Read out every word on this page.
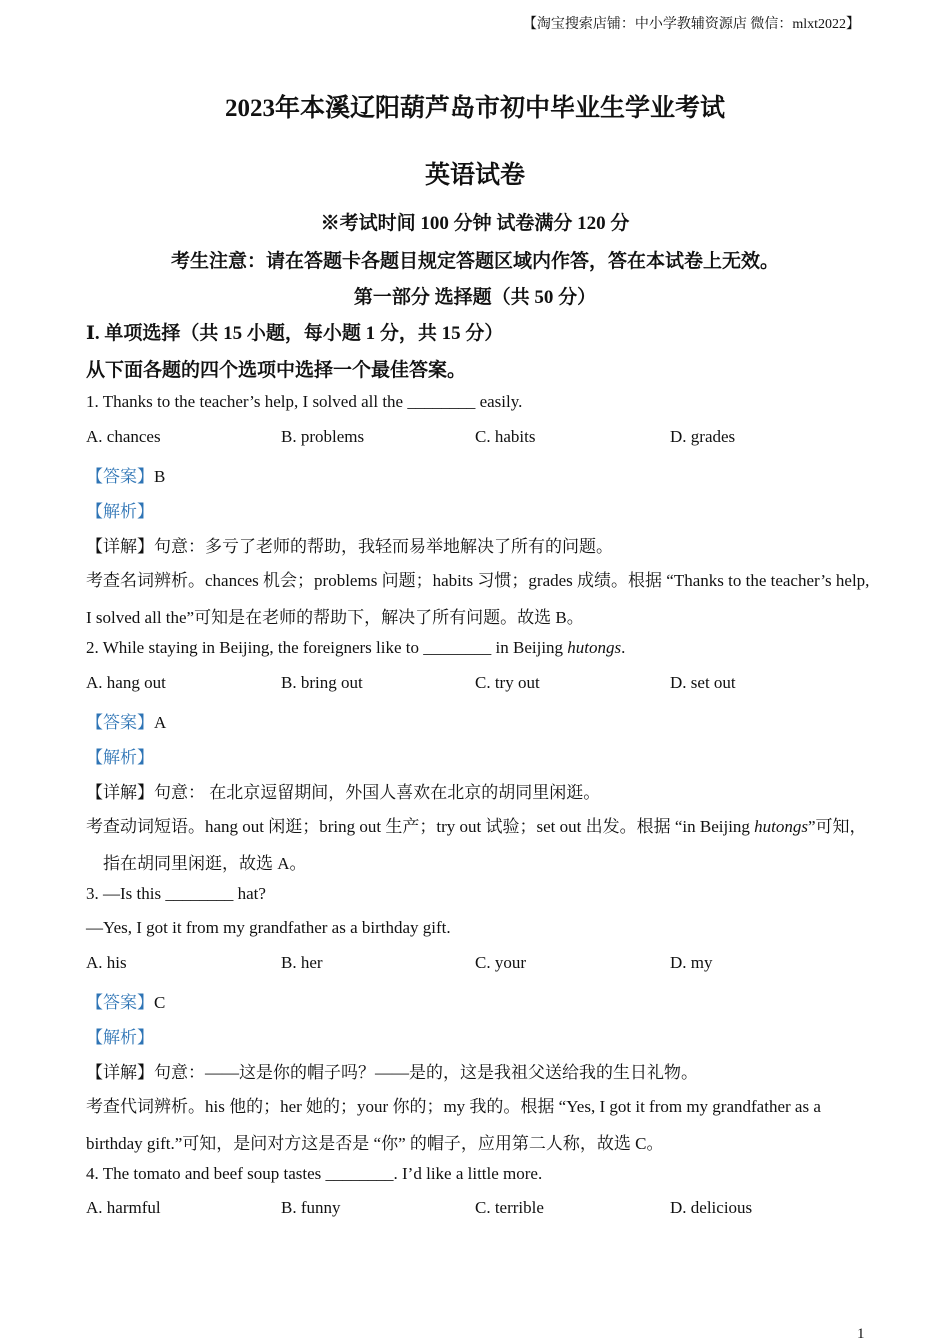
【淘宝搜索店铺：中小学教辅资源店 微信：mlxt2022】
2023年本溪辽阳葫芦岛市初中毕业生学业考试
英语试卷
※考试时间 100 分钟 试卷满分 120 分
考生注意：请在答题卡各题目规定答题区域内作答，答在本试卷上无效。
第一部分 选择题（共 50 分）
Ⅰ. 单项选择（共 15 小题，每小题 1 分，共 15 分）
从下面各题的四个选项中选择一个最佳答案。
1. Thanks to the teacher’s help, I solved all the ________ easily.
A. chances	B. problems	C. habits	D. grades
【答案】B
【解析】
【详解】句意：多亏了老师的帮助，我轻而易举地解决了所有的问题。
考查名词辨析。chances 机会；problems 问题；habits 习惯；grades 成绩。根据 “Thanks to the teacher’s help,
I solved all the”可知是在老师的帮助下，解决了所有问题。故选 B。
2. While staying in Beijing, the foreigners like to ________ in Beijing hutongs.
A. hang out	B. bring out	C. try out	D. set out
【答案】A
【解析】
【详解】句意： 在北京逗留期间，外国人喜欢在北京的胡同里闲逛。
考查动词短语。hang out 闲逛；bring out 生产；try out 试验；set out 出发。根据 “in Beijing hutongs”可知，
指在胡同里闲逛，故选 A。
3. —Is this ________ hat?
—Yes, I got it from my grandfather as a birthday gift.
A. his	B. her	C. your	D. my
【答案】C
【解析】
【详解】句意：——这是你的帽子吗？——是的，这是我祖父送给我的生日礼物。
考查代词辨析。his 他的；her 她的；your 你的；my 我的。根据 “Yes, I got it from my grandfather as a
birthday gift.”可知，是问对方这是否是 “你” 的帽子，应用第二人称，故选 C。
4. The tomato and beef soup tastes ________. I’d like a little more.
A. harmful	B. funny	C. terrible	D. delicious
1
